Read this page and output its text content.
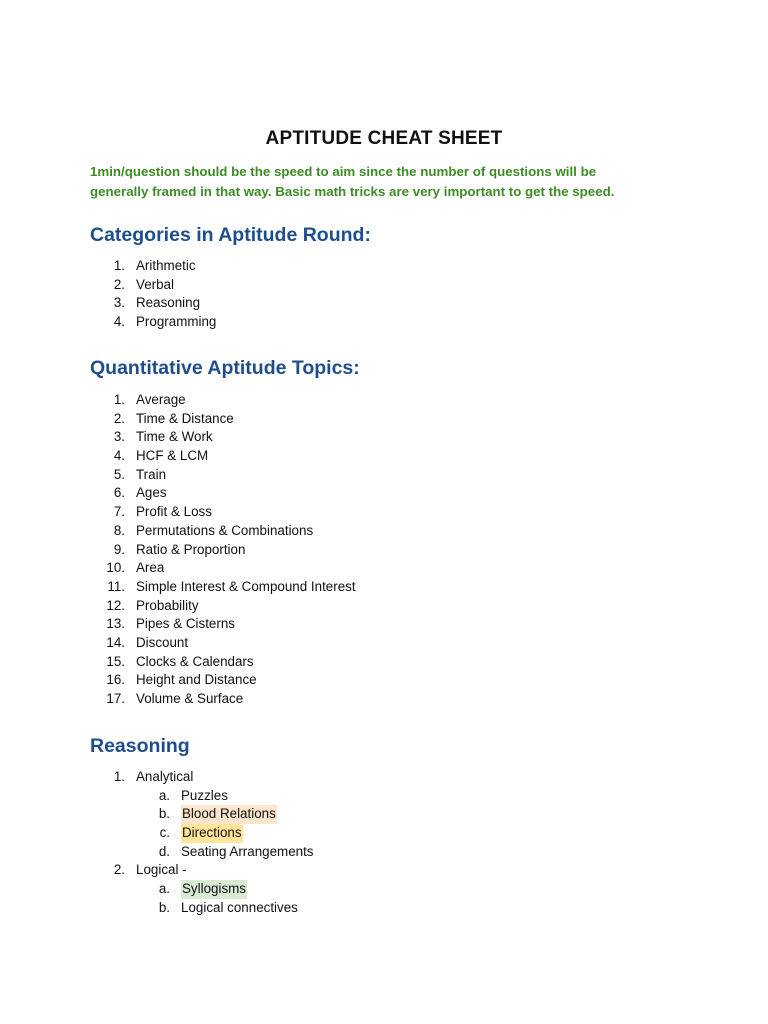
APTITUDE CHEAT SHEET
1min/question should be the speed to aim since the number of questions will be
generally framed in that way. Basic math tricks are very important to get the speed.
Categories in Aptitude Round:
1. Arithmetic
2. Verbal
3. Reasoning
4. Programming
Quantitative Aptitude Topics:
1. Average
2. Time & Distance
3. Time & Work
4. HCF & LCM
5. Train
6. Ages
7. Profit & Loss
8. Permutations & Combinations
9. Ratio & Proportion
10. Area
11. Simple Interest & Compound Interest
12. Probability
13. Pipes & Cisterns
14. Discount
15. Clocks & Calendars
16. Height and Distance
17. Volume & Surface
Reasoning
1. Analytical
a. Puzzles
b. Blood Relations
c. Directions
d. Seating Arrangements
2. Logical -
a. Syllogisms
b. Logical connectives
